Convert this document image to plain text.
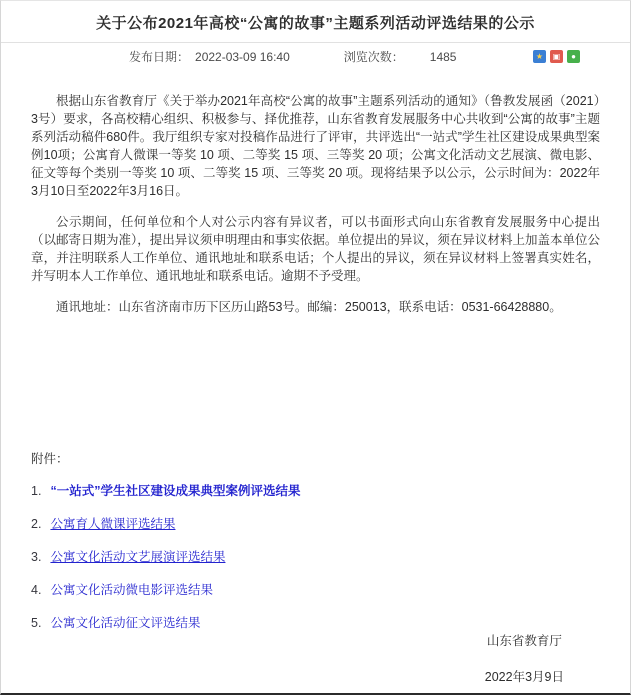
关于公布2021年高校“公寓的故事”主题系列活动评选结果的公示
发布日期： 2022-03-09 16:40	浏览次数： 1485	★	▣	●

根据山东省教育厅《关于举办2021年高校“公寓的故事”主题系列活动的通知》（鲁教发展函（2021）3号）要求，各高校精心组织、积极参与、择优推荐，山东省教育发展服务中心共收到“公寓的故事”主题系列活动稿件680件。我厅组织专家对投稿作品进行了评审，共评选出“一站式”学生社区建设成果典型案例10项；公寓育人微课一等奖 10 项、二等奖 15 项、三等奖 20 项；公寓文化活动文艺展演、微电影、征文等每个类别一等奖 10 项、二等奖 15 项、三等奖 20 项。现将结果予以公示，公示时间为：2022年3月10日至2022年3月16日。

公示期间，任何单位和个人对公示内容有异议者，可以书面形式向山东省教育发展服务中心提出（以邮寄日期为准），提出异议须申明理由和事实依据。单位提出的异议，须在异议材料上加盖本单位公章，并注明联系人工作单位、通讯地址和联系电话；个人提出的异议，须在异议材料上签署真实姓名，并写明本人工作单位、通讯地址和联系电话。逾期不予受理。

通讯地址：山东省济南市历下区历山路53号。邮编：250013，联系电话：0531-66428880。

附件：
1. “一站式”学生社区建设成果典型案例评选结果
2. 公寓育人微课评选结果
3. 公寓文化活动文艺展演评选结果
4. 公寓文化活动微电影评选结果
5. 公寓文化活动征文评选结果
山东省教育厅
2022年3月9日
